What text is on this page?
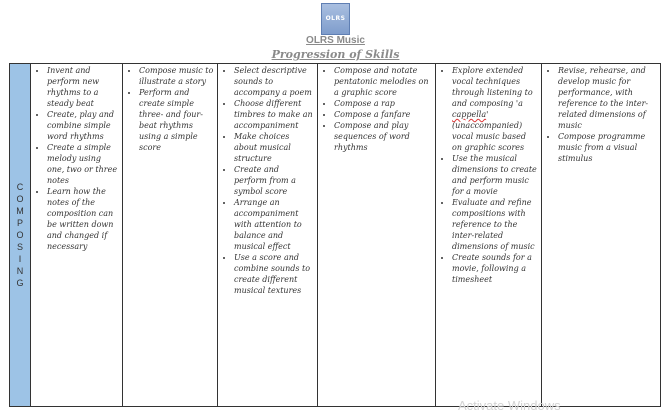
OLRS
OLRS Music
Progression of Skills
COMPOSING
• Invent and perform new rhythms to a steady beat
• Create, play and combine simple word rhythms
• Create a simple melody using one, two or three notes
• Learn how the notes of the composition can be written down and changed if necessary
• Compose music to illustrate a story
• Perform and create simple three- and four-beat rhythms using a simple score
• Select descriptive sounds to accompany a poem
• Choose different timbres to make an accompaniment
• Make choices about musical structure
• Create and perform from a symbol score
• Arrange an accompaniment with attention to balance and musical effect
• Use a score and combine sounds to create different musical textures
• Compose and notate pentatonic melodies on a graphic score
• Compose a rap
• Compose a fanfare
• Compose and play sequences of word rhythms
• Explore extended vocal techniques through listening to and composing 'a cappella' (unaccompanied) vocal music based on graphic scores
• Use the musical dimensions to create and perform music for a movie
• Evaluate and refine compositions with reference to the inter-related dimensions of music
• Create sounds for a movie, following a timesheet
• Revise, rehearse, and develop music for performance, with reference to the inter-related dimensions of music
• Compose programme music from a visual stimulus
Activate Windows
